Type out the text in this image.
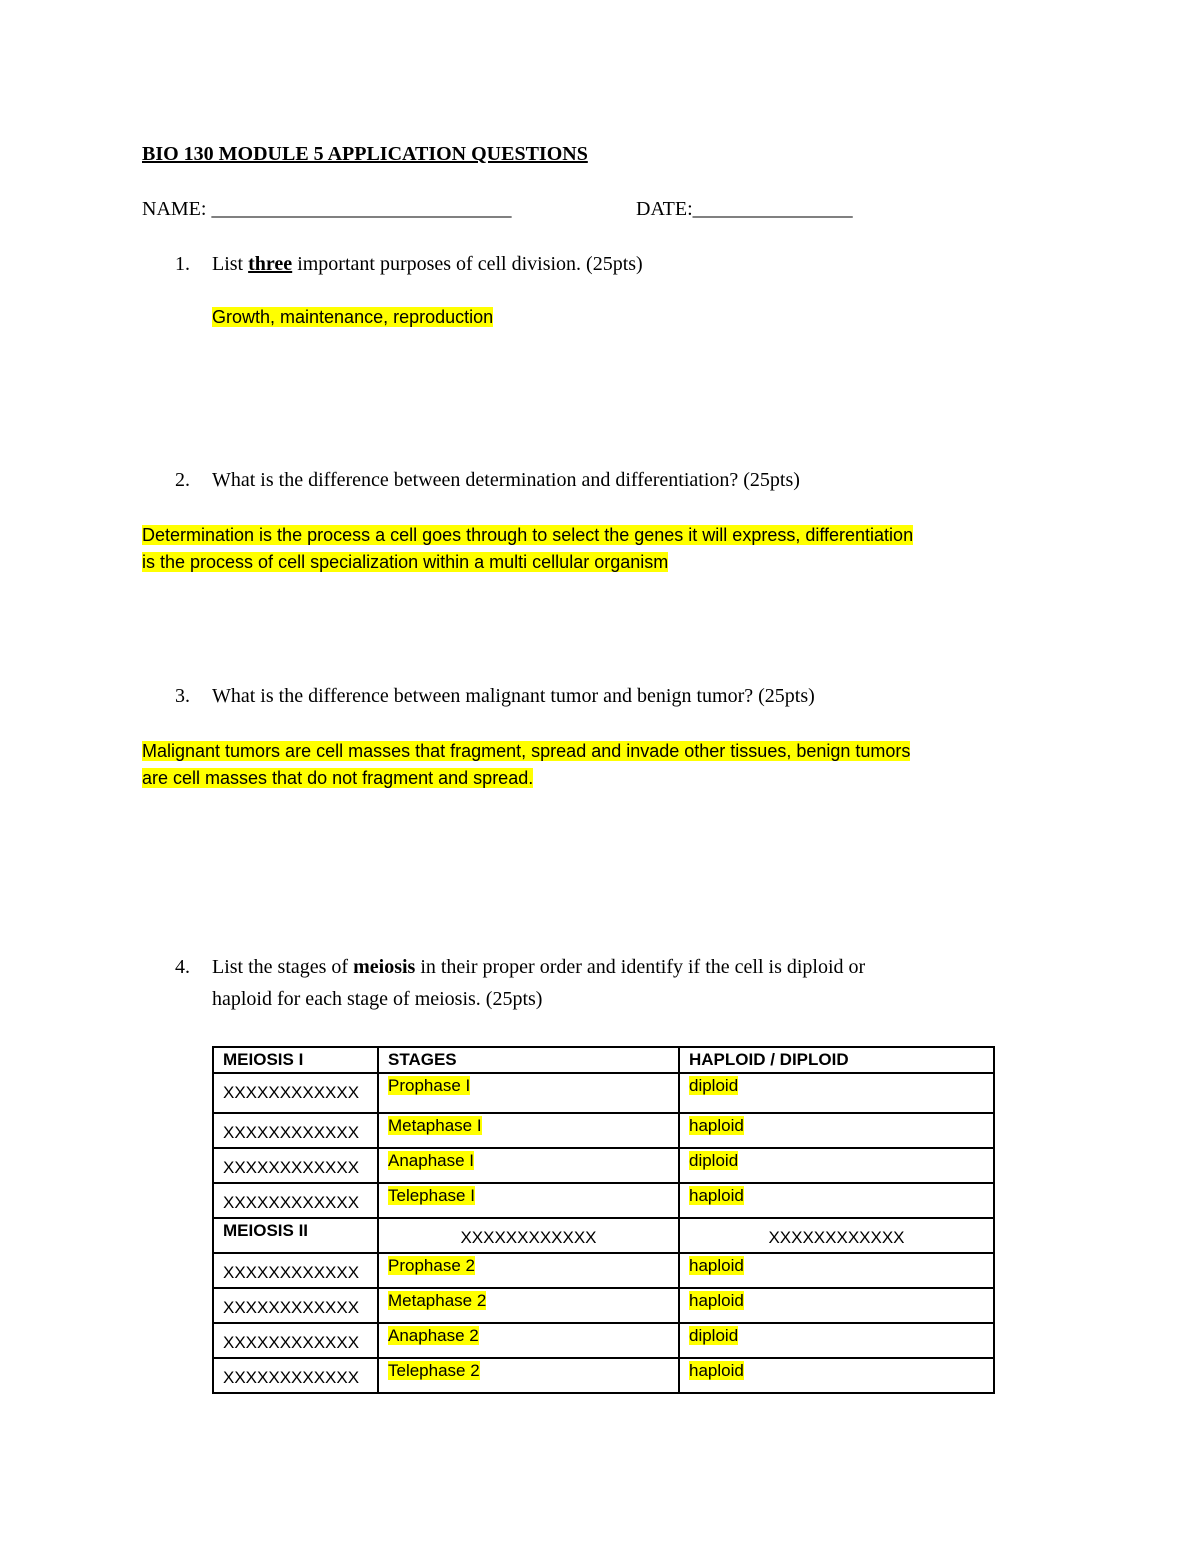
BIO 130 MODULE 5 APPLICATION QUESTIONS
NAME: ______________________________	DATE:________________
1. List three important purposes of cell division. (25pts)
Growth, maintenance, reproduction
2. What is the difference between determination and differentiation? (25pts)
Determination is the process a cell goes through to select the genes it will express, differentiation
is the process of cell specialization within a multi cellular organism
3. What is the difference between malignant tumor and benign tumor? (25pts)
Malignant tumors are cell masses that fragment, spread and invade other tissues, benign tumors
are cell masses that do not fragment and spread.
4. List the stages of meiosis in their proper order and identify if the cell is diploid or
haploid for each stage of meiosis. (25pts)
MEIOSIS I	STAGES	HAPLOID / DIPLOID
XXXXXXXXXXXX	Prophase I	diploid
XXXXXXXXXXXX	Metaphase I	haploid
XXXXXXXXXXXX	Anaphase I	diploid
XXXXXXXXXXXX	Telephase I	haploid
MEIOSIS II	XXXXXXXXXXXX	XXXXXXXXXXXX
XXXXXXXXXXXX	Prophase 2	haploid
XXXXXXXXXXXX	Metaphase 2	haploid
XXXXXXXXXXXX	Anaphase 2	diploid
XXXXXXXXXXXX	Telephase 2	haploid
